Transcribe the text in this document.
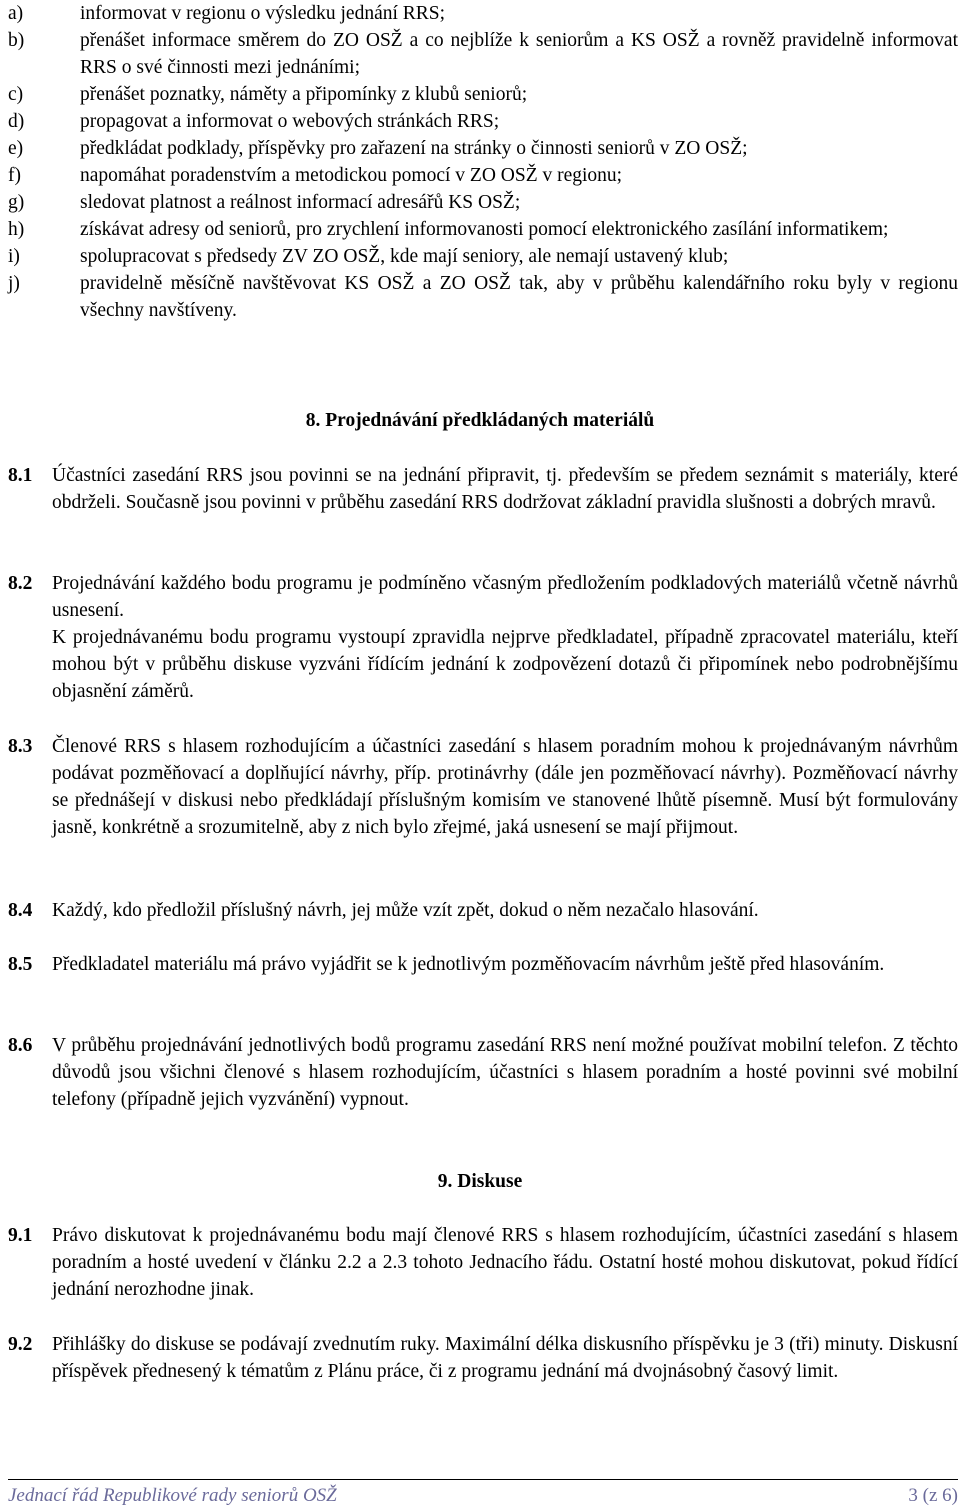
a)	informovat v regionu o výsledku jednání RRS;
b)	přenášet informace směrem do ZO OSŽ a co nejblíže k seniorům a KS OSŽ a rovněž pravidelně informovat RRS o své činnosti mezi jednáními;
c)	přenášet poznatky, náměty a připomínky z klubů seniorů;
d)	propagovat a informovat o webových stránkách RRS;
e)	předkládat podklady, příspěvky pro zařazení na stránky o činnosti seniorů v ZO OSŽ;
f)	napomáhat poradenstvím a metodickou pomocí v ZO OSŽ v regionu;
g)	sledovat platnost a reálnost informací adresářů KS OSŽ;
h)	získávat adresy od seniorů, pro zrychlení informovanosti pomocí elektronického zasílání informatikem;
i)	spolupracovat s předsedy ZV ZO OSŽ, kde mají seniory, ale nemají ustavený klub;
j)	pravidelně měsíčně navštěvovat KS OSŽ a ZO OSŽ tak, aby v průběhu kalendářního roku byly v regionu všechny navštíveny.
8. Projednávání předkládaných materiálů
8.1	Účastníci zasedání RRS jsou povinni se na jednání připravit, tj. především se předem seznámit s materiály, které obdrželi. Současně jsou povinni v průběhu zasedání RRS dodržovat základní pravidla slušnosti a dobrých mravů.

8.2	Projednávání každého bodu programu je podmíněno včasným předložením podkladových materiálů včetně návrhů usnesení.

K projednávanému bodu programu vystoupí zpravidla nejprve předkladatel, případně zpracovatel materiálu, kteří mohou být v průběhu diskuse vyzváni řídícím jednání k zodpovězení dotazů či připomínek nebo podrobnějšímu objasnění záměrů.

8.3	Členové RRS s hlasem rozhodujícím a účastníci zasedání s hlasem poradním mohou k projednávaným návrhům podávat pozměňovací a doplňující návrhy, příp. protinávrhy (dále jen pozměňovací návrhy). Pozměňovací návrhy se přednášejí v diskusi nebo předkládají příslušným komisím ve stanovené lhůtě písemně. Musí být formulovány jasně, konkrétně a srozumitelně, aby z nich bylo zřejmé, jaká usnesení se mají přijmout.

8.4	Každý, kdo předložil příslušný návrh, jej může vzít zpět, dokud o něm nezačalo hlasování.

8.5	Předkladatel materiálu má právo vyjádřit se k jednotlivým pozměňovacím návrhům ještě před hlasováním.

8.6	V průběhu projednávání jednotlivých bodů programu zasedání RRS není možné používat mobilní telefon. Z těchto důvodů jsou všichni členové s hlasem rozhodujícím, účastníci s hlasem poradním a hosté povinni své mobilní telefony (případně jejich vyzvánění) vypnout.

9. Diskuse
9.1	Právo diskutovat k projednávanému bodu mají členové RRS s hlasem rozhodujícím, účastníci zasedání s hlasem poradním a hosté uvedení v článku 2.2 a 2.3 tohoto Jednacího řádu. Ostatní hosté mohou diskutovat, pokud řídící jednání nerozhodne jinak.

9.2	Přihlášky do diskuse se podávají zvednutím ruky. Maximální délka diskusního příspěvku je 3 (tři) minuty. Diskusní příspěvek přednesený k tématům z Plánu práce, či z programu jednání má dvojnásobný časový limit.

Jednací řád Republikové rady seniorů OSŽ	3 (z 6)
